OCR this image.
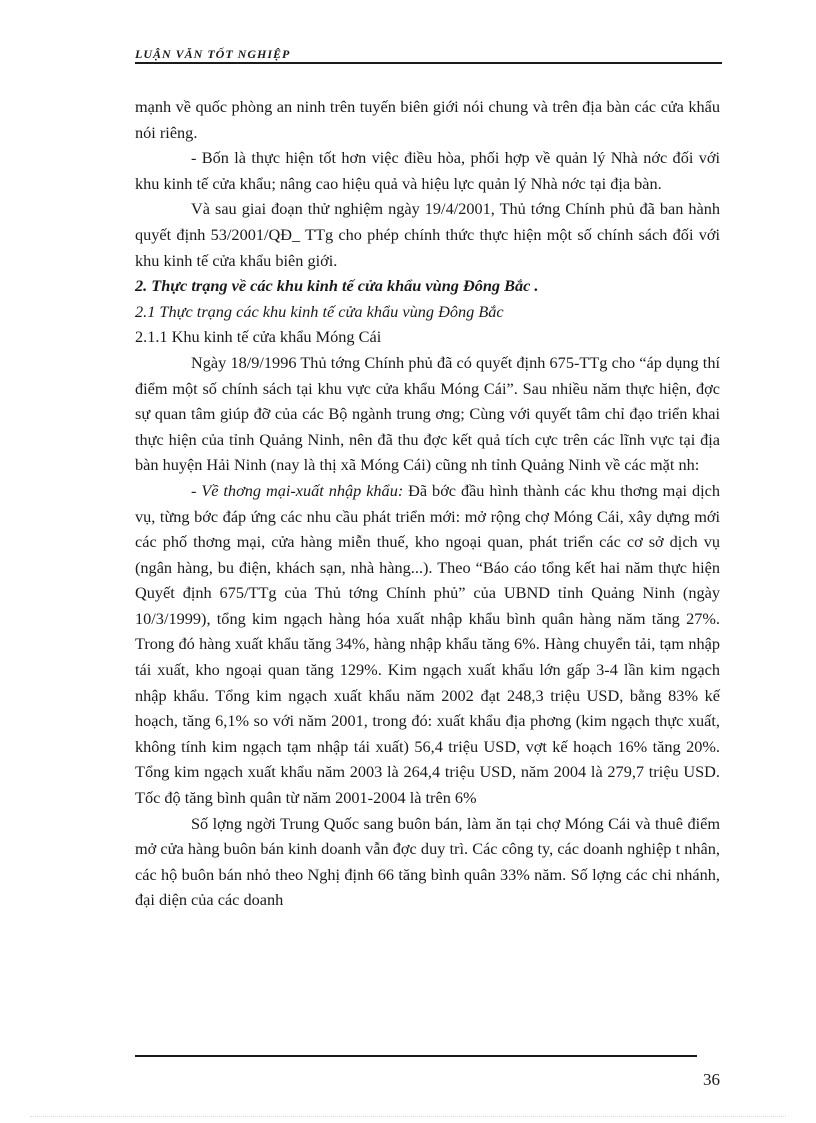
LUẬN VĂN TỐT NGHIỆP

mạnh về quốc phòng an ninh trên tuyến biên giới nói chung và trên địa bàn các cửa khẩu nói riêng.

- Bốn là thực hiện tốt hơn việc điều hòa, phối hợp về quản lý Nhà nớc đối với khu kinh tế cửa khẩu; nâng cao hiệu quả và hiệu lực quản lý Nhà nớc tại địa bàn.

Và sau giai đoạn thử nghiệm ngày 19/4/2001, Thủ tớng Chính phủ đã ban hành quyết định 53/2001/QĐ_ TTg cho phép chính thức thực hiện một số chính sách đối với khu kinh tế cửa khẩu biên giới.

2. Thực trạng về các khu kinh tế cửa khẩu vùng Đông Bắc .

2.1 Thực trạng các khu kinh tế cửa khẩu vùng Đông Bắc

2.1.1 Khu kinh tế cửa khẩu Móng Cái

Ngày 18/9/1996 Thủ tớng Chính phủ đã có quyết định 675-TTg cho “áp dụng thí điểm một số chính sách tại khu vực cửa khẩu Móng Cái”. Sau nhiều năm thực hiện, đợc sự quan tâm giúp đỡ của các Bộ ngành trung ơng; Cùng với quyết tâm chỉ đạo triển khai thực hiện của tỉnh Quảng Ninh, nên đã thu đợc kết quả tích cực trên các lĩnh vực tại địa bàn huyện Hải Ninh (nay là thị xã Móng Cái) cũng nh tỉnh Quảng Ninh về các mặt nh:

- Về thơng mại-xuất nhập khẩu: Đã bớc đầu hình thành các khu thơng mại dịch vụ, từng bớc đáp ứng các nhu cầu phát triển mới: mở rộng chợ Móng Cái, xây dựng mới các phố thơng mại, cửa hàng miễn thuế, kho ngoại quan, phát triển các cơ sở dịch vụ (ngân hàng, bu điện, khách sạn, nhà hàng...). Theo “Báo cáo tổng kết hai năm thực hiện Quyết định 675/TTg của Thủ tớng Chính phủ” của UBND tỉnh Quảng Ninh (ngày 10/3/1999), tổng kim ngạch hàng hóa xuất nhập khẩu bình quân hàng năm tăng 27%. Trong đó hàng xuất khẩu tăng 34%, hàng nhập khẩu tăng 6%. Hàng chuyển tải, tạm nhập tái xuất, kho ngoại quan tăng 129%. Kim ngạch xuất khẩu lớn gấp 3-4 lần kim ngạch nhập khẩu. Tổng kim ngạch xuất khẩu năm 2002 đạt 248,3 triệu USD, bằng 83% kế hoạch, tăng 6,1% so với năm 2001, trong đó: xuất khẩu địa phơng (kim ngạch thực xuất, không tính kim ngạch tạm nhập tái xuất) 56,4 triệu USD, vợt kế hoạch 16% tăng 20%. Tổng kim ngạch xuất khẩu năm 2003 là 264,4 triệu USD, năm 2004 là 279,7 triệu USD. Tốc độ tăng bình quân từ năm 2001-2004 là trên 6%

Số lợng ngời Trung Quốc sang buôn bán, làm ăn tại chợ Móng Cái và thuê điểm mở cửa hàng buôn bán kinh doanh vẫn đợc duy trì. Các công ty, các doanh nghiệp t nhân, các hộ buôn bán nhỏ theo Nghị định 66 tăng bình quân 33% năm. Số lợng các chi nhánh, đại diện của các doanh

36
